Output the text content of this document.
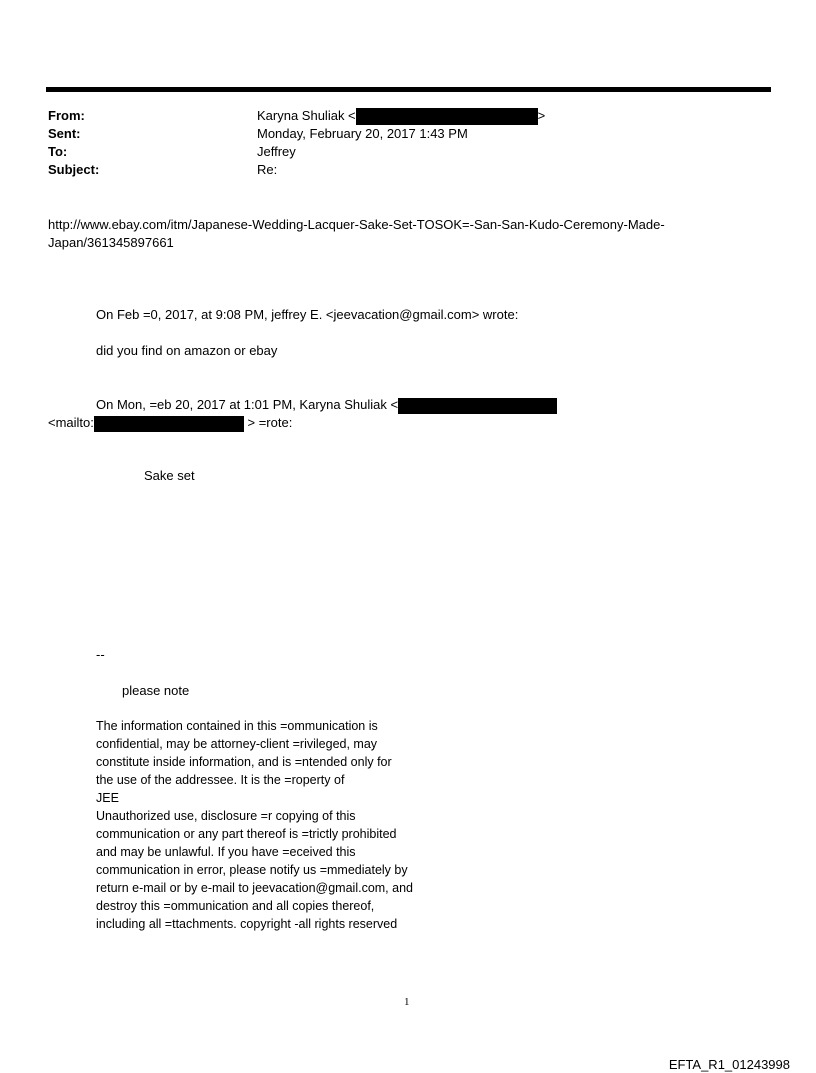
From:	Karyna Shuliak <	>
Sent:	Monday, February 20, 2017 1:43 PM
To:	Jeffrey
Subject:	Re:
http://www.ebay.com/itm/Japanese-Wedding-Lacquer-Sake-Set-TOSOK=-San-San-Kudo-Ceremony-Made-
Japan/361345897661
On Feb =0, 2017, at 9:08 PM, jeffrey E. <jeevacation@gmail.com> wrote:
did you find on amazon or ebay
On Mon, =eb 20, 2017 at 1:01 PM, Karyna Shuliak <
<mailto:	> =rote:
Sake set
--
please note
The information contained in this =ommunication is
confidential, may be attorney-client =rivileged, may
constitute inside information, and is =ntended only for
the use of the addressee. It is the =roperty of
JEE
Unauthorized use, disclosure =r copying of this
communication or any part thereof is =trictly prohibited
and may be unlawful. If you have =eceived this
communication in error, please notify us =mmediately by
return e-mail or by e-mail to jeevacation@gmail.com, and
destroy this =ommunication and all copies thereof,
including all =ttachments. copyright -all rights reserved
1
EFTA_R1_01243998
